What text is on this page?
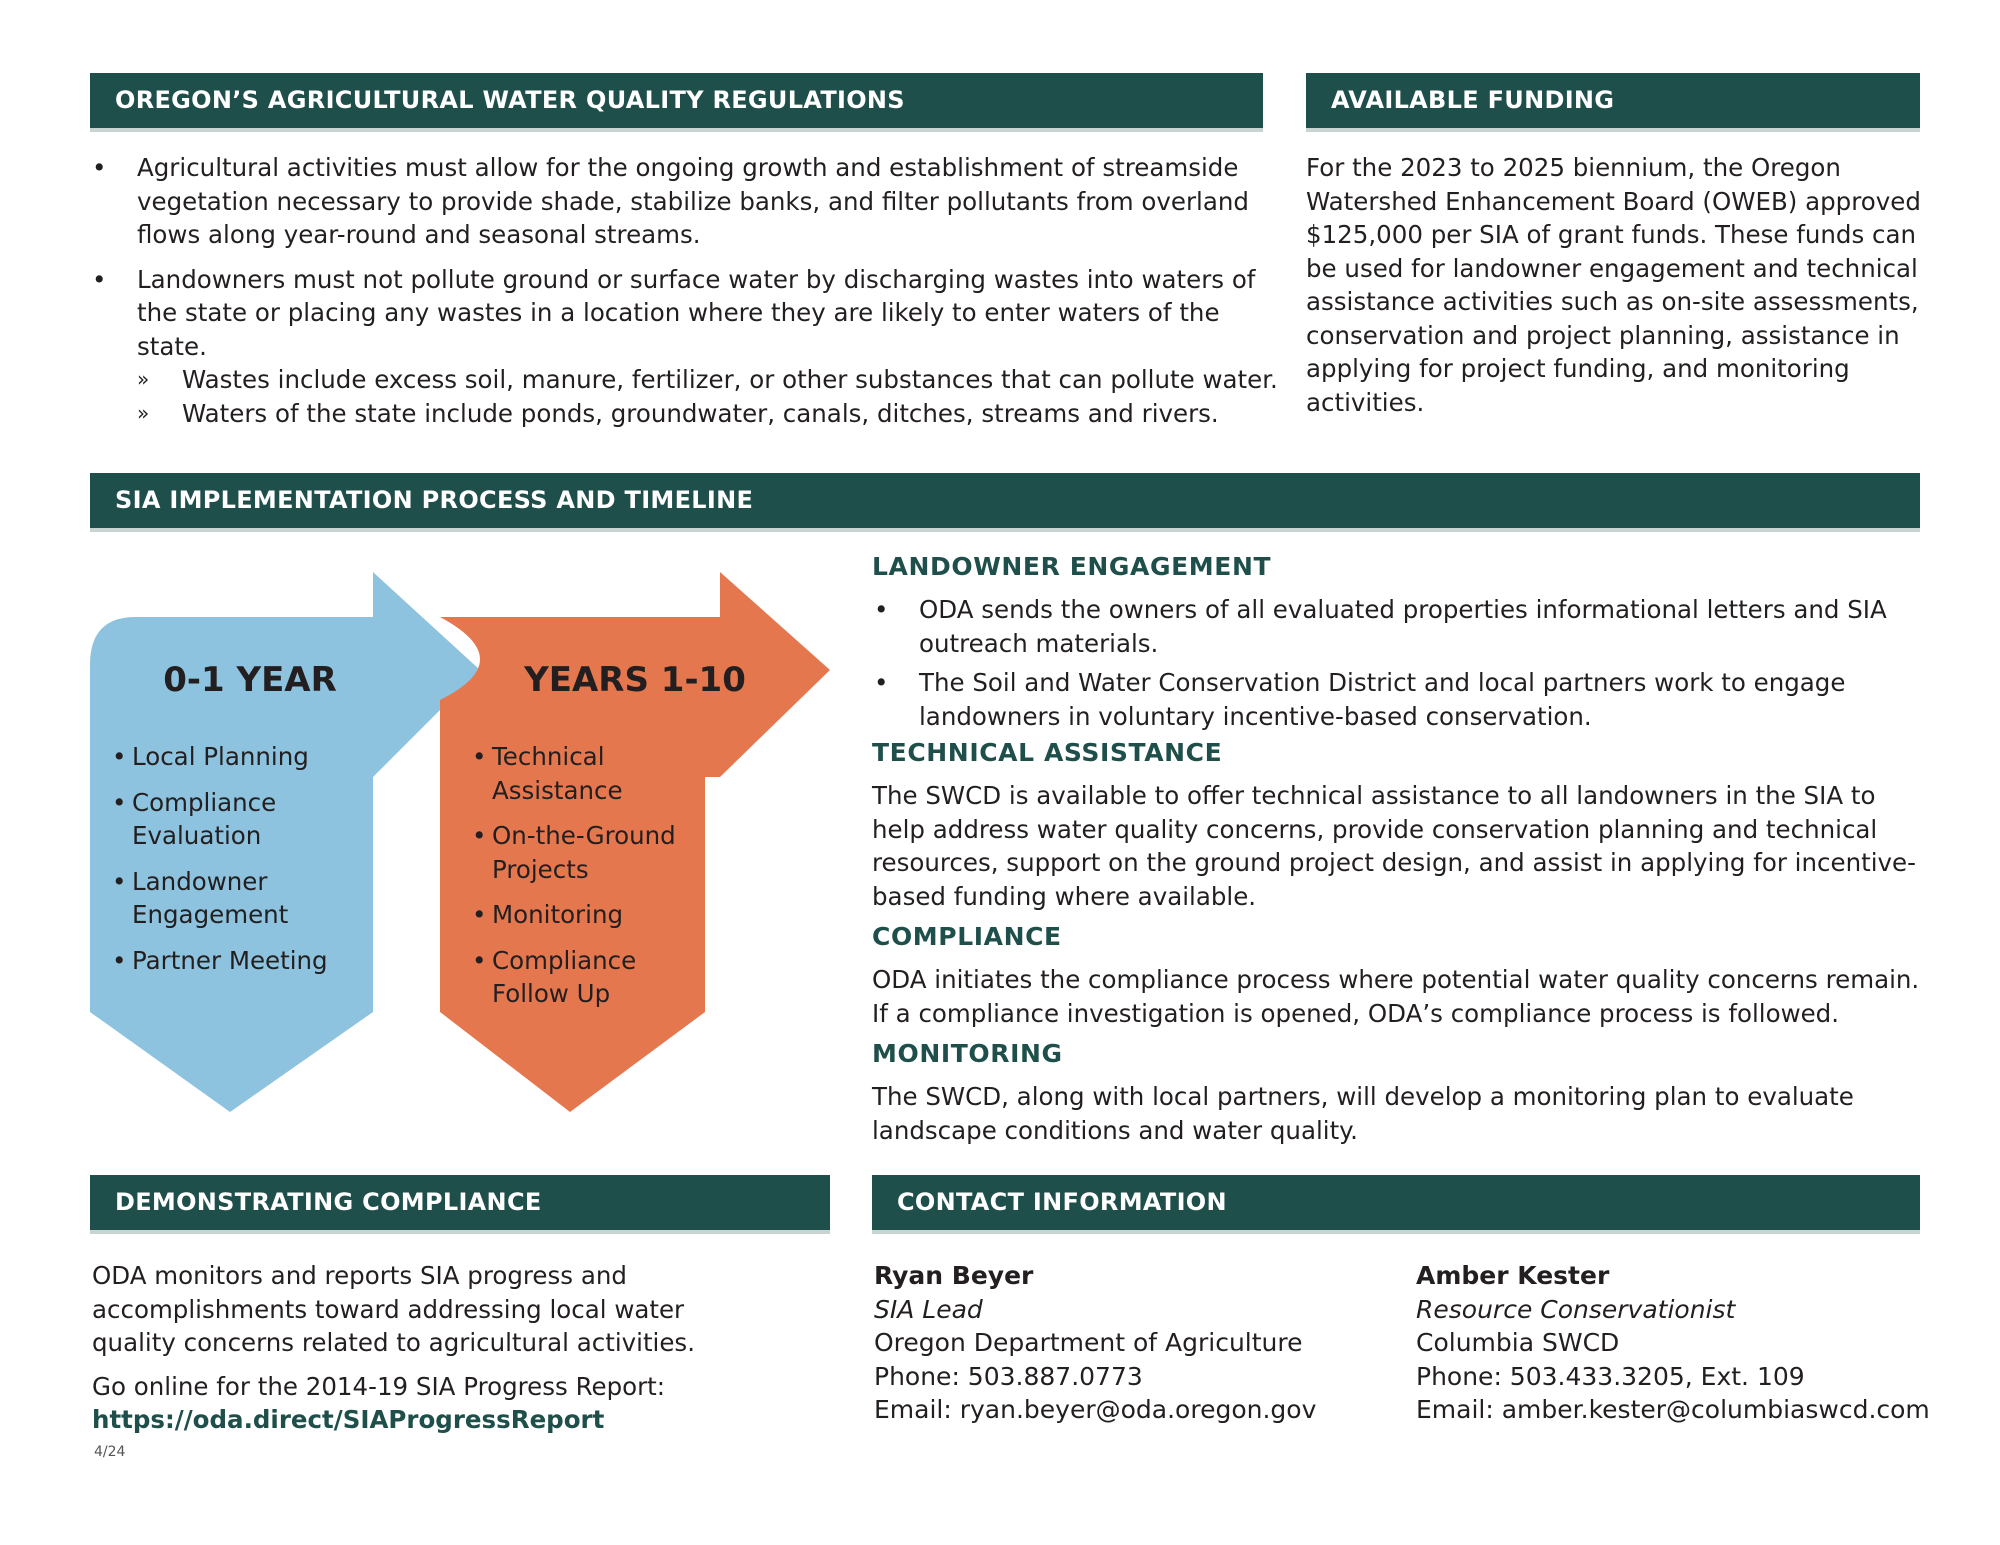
OREGON’S AGRICULTURAL WATER QUALITY REGULATIONS
• Agricultural activities must allow for the ongoing growth and establishment of streamside vegetation necessary to provide shade, stabilize banks, and filter pollutants from overland flows along year-round and seasonal streams.
• Landowners must not pollute ground or surface water by discharging wastes into waters of the state or placing any wastes in a location where they are likely to enter waters of the state.
» Wastes include excess soil, manure, fertilizer, or other substances that can pollute water.
» Waters of the state include ponds, groundwater, canals, ditches, streams and rivers.
AVAILABLE FUNDING
For the 2023 to 2025 biennium, the Oregon Watershed Enhancement Board (OWEB) approved $125,000 per SIA of grant funds. These funds can be used for landowner engagement and technical assistance activities such as on-site assessments, conservation and project planning, assistance in applying for project funding, and monitoring activities.
SIA IMPLEMENTATION PROCESS AND TIMELINE
0-1 YEAR
• Local Planning
• Compliance Evaluation
• Landowner Engagement
• Partner Meeting
YEARS 1-10
• Technical Assistance
• On-the-Ground Projects
• Monitoring
• Compliance Follow Up
LANDOWNER ENGAGEMENT
• ODA sends the owners of all evaluated properties informational letters and SIA outreach materials.
• The Soil and Water Conservation District and local partners work to engage landowners in voluntary incentive-based conservation.
TECHNICAL ASSISTANCE

The SWCD is available to offer technical assistance to all landowners in the SIA to help address water quality concerns, provide conservation planning and technical resources, support on the ground project design, and assist in applying for incentive-based funding where available.

COMPLIANCE

ODA initiates the compliance process where potential water quality concerns remain. If a compliance investigation is opened, ODA’s compliance process is followed.

MONITORING

The SWCD, along with local partners, will develop a monitoring plan to evaluate landscape conditions and water quality.

DEMONSTRATING COMPLIANCE

ODA monitors and reports SIA progress and accomplishments toward addressing local water quality concerns related to agricultural activities.

Go online for the 2014-19 SIA Progress Report:
https://oda.direct/SIAProgressReport
4/24
CONTACT INFORMATION
Ryan Beyer
SIA Lead
Oregon Department of Agriculture
Phone: 503.887.0773
Email: ryan.beyer@oda.oregon.gov
Amber Kester
Resource Conservationist
Columbia SWCD
Phone: 503.433.3205, Ext. 109
Email: amber.kester@columbiaswcd.com
